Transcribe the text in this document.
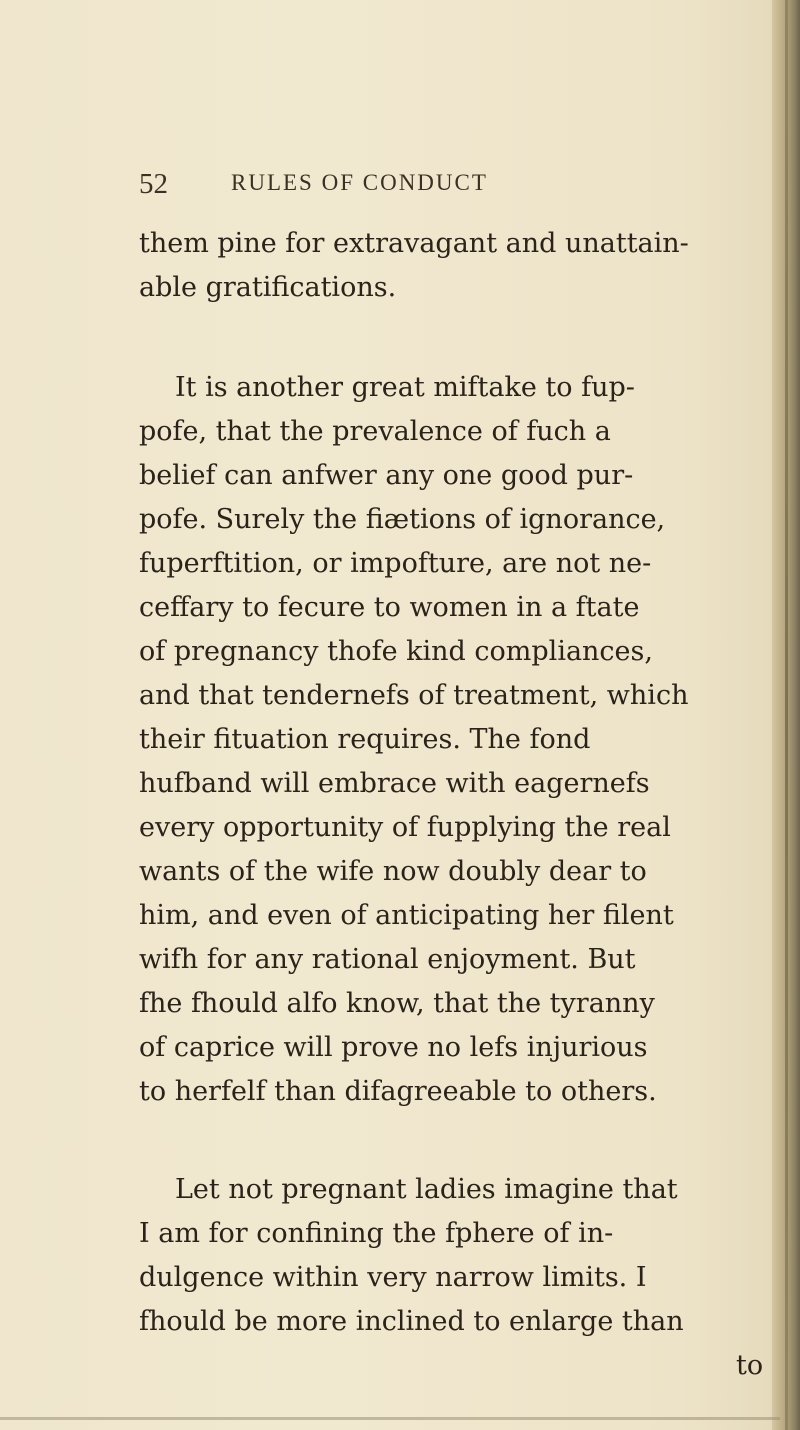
52	RULES OF CONDUCT
them pine for extravagant and unattain-
able gratifications.
It is another great miftake to fup-
pofe, that the prevalence of fuch a
belief can anfwer any one good pur-
pofe. Surely the fiætions of ignorance,
fuperftition, or impofture, are not ne-
ceffary to fecure to women in a ftate
of pregnancy thofe kind compliances,
and that tendernefs of treatment, which
their fituation requires. The fond
hufband will embrace with eagernefs
every opportunity of fupplying the real
wants of the wife now doubly dear to
him, and even of anticipating her filent
wifh for any rational enjoyment. But
fhe fhould alfo know, that the tyranny
of caprice will prove no lefs injurious
to herfelf than difagreeable to others.
Let not pregnant ladies imagine that
I am for confining the fphere of in-
dulgence within very narrow limits. I
fhould be more inclined to enlarge than
to
